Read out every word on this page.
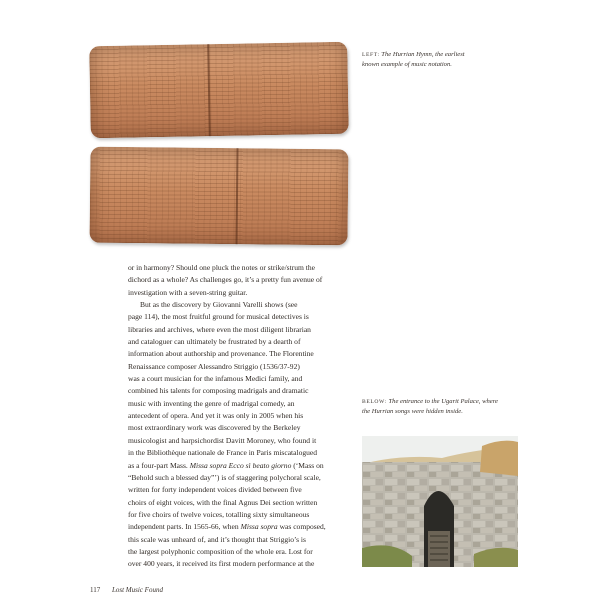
LEFT: The Hurrian Hymn, the earliest known example of music notation.
or in harmony? Should one pluck the notes or strike/strum the
dichord as a whole? As challenges go, it’s a pretty fun avenue of
investigation with a seven-string guitar.
But as the discovery by Giovanni Varelli shows (see
page 114), the most fruitful ground for musical detectives is
libraries and archives, where even the most diligent librarian
and cataloguer can ultimately be frustrated by a dearth of
information about authorship and provenance. The Florentine
Renaissance composer Alessandro Striggio (1536/37-92)
was a court musician for the infamous Medici family, and
combined his talents for composing madrigals and dramatic
music with inventing the genre of madrigal comedy, an
antecedent of opera. And yet it was only in 2005 when his
most extraordinary work was discovered by the Berkeley
musicologist and harpsichordist Davitt Moroney, who found it
in the Bibliothèque nationale de France in Paris miscatalogued
as a four-part Mass. Missa sopra Ecco sì beato giorno (‘Mass on
“Behold such a blessed day”’) is of staggering polychoral scale,
written for forty independent voices divided between five
choirs of eight voices, with the final Agnus Dei section written
for five choirs of twelve voices, totalling sixty simultaneous
independent parts. In 1565-66, when Missa sopra was composed,
this scale was unheard of, and it’s thought that Striggio’s is
the largest polyphonic composition of the whole era. Lost for
over 400 years, it received its first modern performance at the
BELOW: The entrance to the Ugarit Palace, where the Hurrian songs were hidden inside.
117 Lost Music Found
